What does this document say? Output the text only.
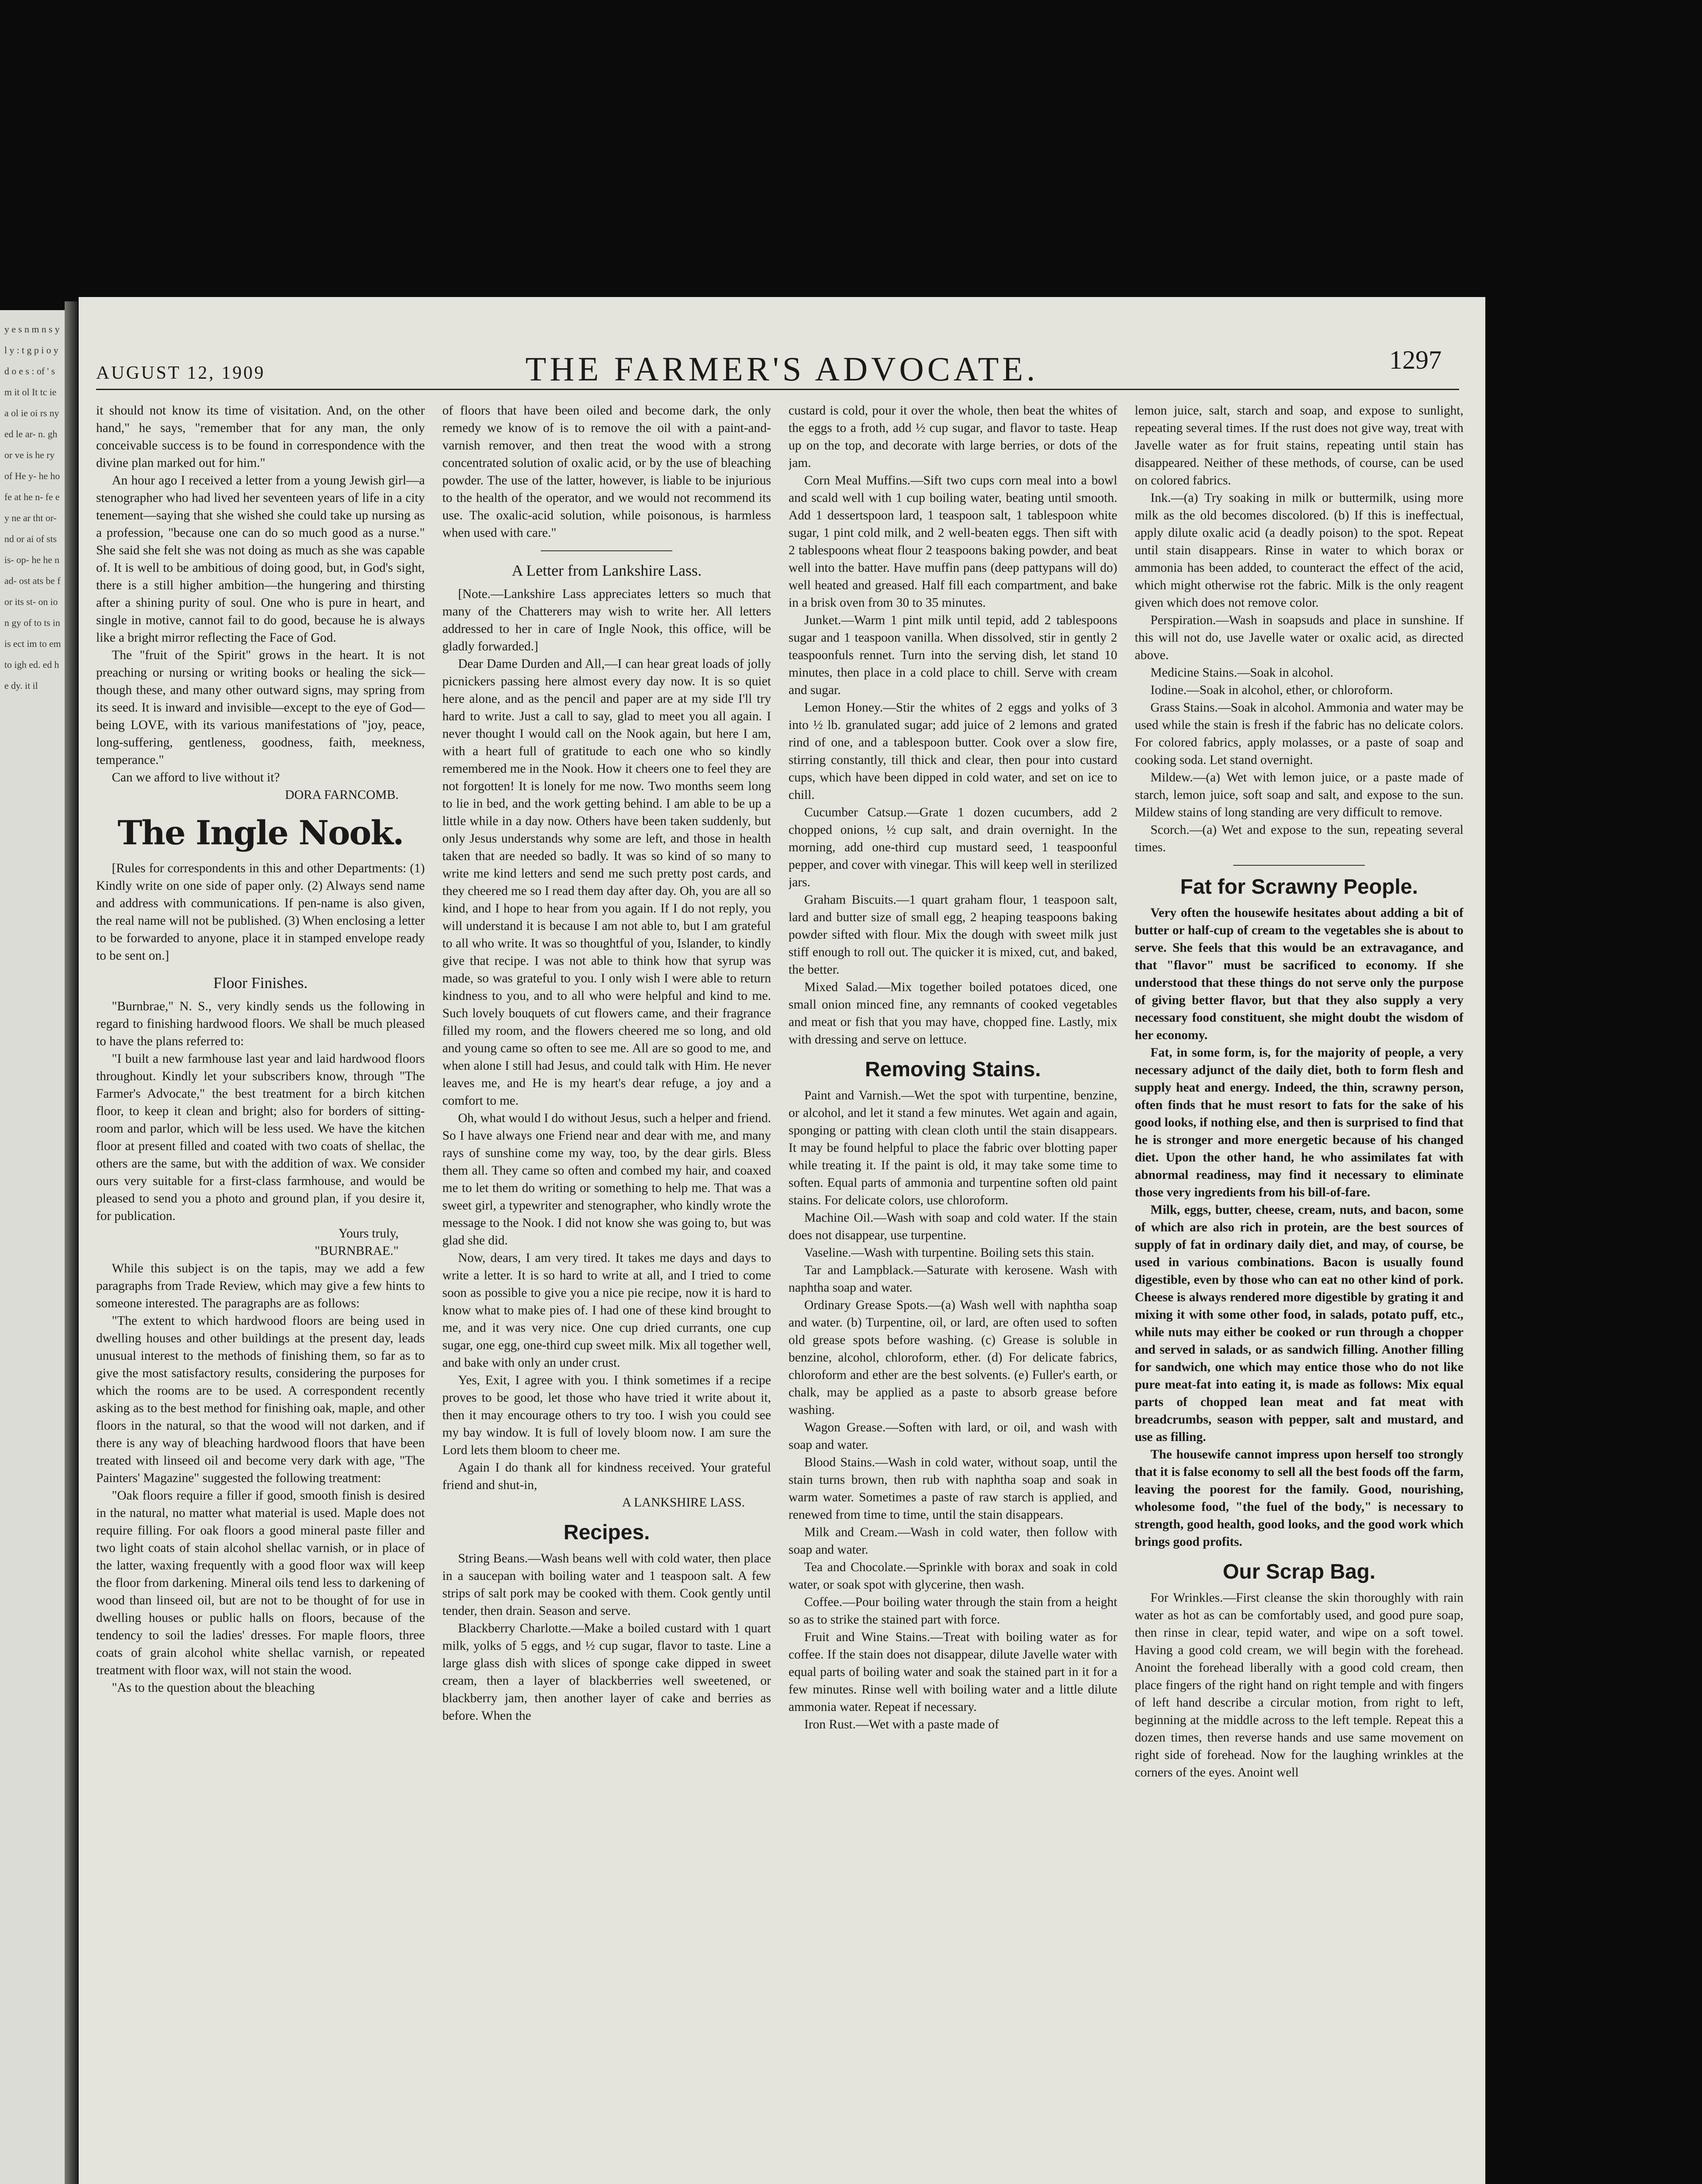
y e s n m n s y l y : t g p i o y d o e s : of ' s m it ol It tc ie a ol ie oi rs ny ed le ar- n. gh or ve is he ry of He y- he ho fe at he n- fe ey ne ar tht or- nd or ai of sts is- op- he he n ad- ost ats be for its st- on ion gy of to ts in is ect im to em to igh ed. ed he dy. it il
AUGUST 12, 1909	THE FARMER'S ADVOCATE.	1297

it should not know its time of visitation. And, on the other hand," he says, "remember that for any man, the only conceivable success is to be found in correspondence with the divine plan marked out for him."

An hour ago I received a letter from a young Jewish girl—a stenographer who had lived her seventeen years of life in a city tenement—saying that she wished she could take up nursing as a profession, "because one can do so much good as a nurse." She said she felt she was not doing as much as she was capable of. It is well to be ambitious of doing good, but, in God's sight, there is a still higher ambition—the hungering and thirsting after a shining purity of soul. One who is pure in heart, and single in motive, cannot fail to do good, because he is always like a bright mirror reflecting the Face of God.

The "fruit of the Spirit" grows in the heart. It is not preaching or nursing or writing books or healing the sick—though these, and many other outward signs, may spring from its seed. It is inward and invisible—except to the eye of God—being LOVE, with its various manifestations of "joy, peace, long-suffering, gentleness, goodness, faith, meekness, temperance."

Can we afford to live without it?

DORA FARNCOMB.

The Ingle Nook.

[Rules for correspondents in this and other Departments: (1) Kindly write on one side of paper only. (2) Always send name and address with communications. If pen-name is also given, the real name will not be published. (3) When enclosing a letter to be forwarded to anyone, place it in stamped envelope ready to be sent on.]

Floor Finishes.

"Burnbrae," N. S., very kindly sends us the following in regard to finishing hardwood floors. We shall be much pleased to have the plans referred to:

"I built a new farmhouse last year and laid hardwood floors throughout. Kindly let your subscribers know, through "The Farmer's Advocate," the best treatment for a birch kitchen floor, to keep it clean and bright; also for borders of sitting-room and parlor, which will be less used. We have the kitchen floor at present filled and coated with two coats of shellac, the others are the same, but with the addition of wax. We consider ours very suitable for a first-class farmhouse, and would be pleased to send you a photo and ground plan, if you desire it, for publication.

Yours truly,

"BURNBRAE."

While this subject is on the tapis, may we add a few paragraphs from Trade Review, which may give a few hints to someone interested. The paragraphs are as follows:

"The extent to which hardwood floors are being used in dwelling houses and other buildings at the present day, leads unusual interest to the methods of finishing them, so far as to give the most satisfactory results, considering the purposes for which the rooms are to be used. A correspondent recently asking as to the best method for finishing oak, maple, and other floors in the natural, so that the wood will not darken, and if there is any way of bleaching hardwood floors that have been treated with linseed oil and become very dark with age, "The Painters' Magazine" suggested the following treatment:

"Oak floors require a filler if good, smooth finish is desired in the natural, no matter what material is used. Maple does not require filling. For oak floors a good mineral paste filler and two light coats of stain alcohol shellac varnish, or in place of the latter, waxing frequently with a good floor wax will keep the floor from darkening. Mineral oils tend less to darkening of wood than linseed oil, but are not to be thought of for use in dwelling houses or public halls on floors, because of the tendency to soil the ladies' dresses. For maple floors, three coats of grain alcohol white shellac varnish, or repeated treatment with floor wax, will not stain the wood.

"As to the question about the bleaching

of floors that have been oiled and become dark, the only remedy we know of is to remove the oil with a paint-and-varnish remover, and then treat the wood with a strong concentrated solution of oxalic acid, or by the use of bleaching powder. The use of the latter, however, is liable to be injurious to the health of the operator, and we would not recommend its use. The oxalic-acid solution, while poisonous, is harmless when used with care."

A Letter from Lankshire Lass.

[Note.—Lankshire Lass appreciates letters so much that many of the Chatterers may wish to write her. All letters addressed to her in care of Ingle Nook, this office, will be gladly forwarded.]

Dear Dame Durden and All,—I can hear great loads of jolly picnickers passing here almost every day now. It is so quiet here alone, and as the pencil and paper are at my side I'll try hard to write. Just a call to say, glad to meet you all again. I never thought I would call on the Nook again, but here I am, with a heart full of gratitude to each one who so kindly remembered me in the Nook. How it cheers one to feel they are not forgotten! It is lonely for me now. Two months seem long to lie in bed, and the work getting behind. I am able to be up a little while in a day now. Others have been taken suddenly, but only Jesus understands why some are left, and those in health taken that are needed so badly. It was so kind of so many to write me kind letters and send me such pretty post cards, and they cheered me so I read them day after day. Oh, you are all so kind, and I hope to hear from you again. If I do not reply, you will understand it is because I am not able to, but I am grateful to all who write. It was so thoughtful of you, Islander, to kindly give that recipe. I was not able to think how that syrup was made, so was grateful to you. I only wish I were able to return kindness to you, and to all who were helpful and kind to me. Such lovely bouquets of cut flowers came, and their fragrance filled my room, and the flowers cheered me so long, and old and young came so often to see me. All are so good to me, and when alone I still had Jesus, and could talk with Him. He never leaves me, and He is my heart's dear refuge, a joy and a comfort to me.

Oh, what would I do without Jesus, such a helper and friend. So I have always one Friend near and dear with me, and many rays of sunshine come my way, too, by the dear girls. Bless them all. They came so often and combed my hair, and coaxed me to let them do writing or something to help me. That was a sweet girl, a typewriter and stenographer, who kindly wrote the message to the Nook. I did not know she was going to, but was glad she did.

Now, dears, I am very tired. It takes me days and days to write a letter. It is so hard to write at all, and I tried to come soon as possible to give you a nice pie recipe, now it is hard to know what to make pies of. I had one of these kind brought to me, and it was very nice. One cup dried currants, one cup sugar, one egg, one-third cup sweet milk. Mix all together well, and bake with only an under crust.

Yes, Exit, I agree with you. I think sometimes if a recipe proves to be good, let those who have tried it write about it, then it may encourage others to try too. I wish you could see my bay window. It is full of lovely bloom now. I am sure the Lord lets them bloom to cheer me.

Again I do thank all for kindness received. Your grateful friend and shut-in,

A LANKSHIRE LASS.

Recipes.

String Beans.—Wash beans well with cold water, then place in a saucepan with boiling water and 1 teaspoon salt. A few strips of salt pork may be cooked with them. Cook gently until tender, then drain. Season and serve.

Blackberry Charlotte.—Make a boiled custard with 1 quart milk, yolks of 5 eggs, and ½ cup sugar, flavor to taste. Line a large glass dish with slices of sponge cake dipped in sweet cream, then a layer of blackberries well sweetened, or blackberry jam, then another layer of cake and berries as before. When the

custard is cold, pour it over the whole, then beat the whites of the eggs to a froth, add ½ cup sugar, and flavor to taste. Heap up on the top, and decorate with large berries, or dots of the jam.

Corn Meal Muffins.—Sift two cups corn meal into a bowl and scald well with 1 cup boiling water, beating until smooth. Add 1 dessertspoon lard, 1 teaspoon salt, 1 tablespoon white sugar, 1 pint cold milk, and 2 well-beaten eggs. Then sift with 2 tablespoons wheat flour 2 teaspoons baking powder, and beat well into the batter. Have muffin pans (deep pattypans will do) well heated and greased. Half fill each compartment, and bake in a brisk oven from 30 to 35 minutes.

Junket.—Warm 1 pint milk until tepid, add 2 tablespoons sugar and 1 teaspoon vanilla. When dissolved, stir in gently 2 teaspoonfuls rennet. Turn into the serving dish, let stand 10 minutes, then place in a cold place to chill. Serve with cream and sugar.

Lemon Honey.—Stir the whites of 2 eggs and yolks of 3 into ½ lb. granulated sugar; add juice of 2 lemons and grated rind of one, and a tablespoon butter. Cook over a slow fire, stirring constantly, till thick and clear, then pour into custard cups, which have been dipped in cold water, and set on ice to chill.

Cucumber Catsup.—Grate 1 dozen cucumbers, add 2 chopped onions, ½ cup salt, and drain overnight. In the morning, add one-third cup mustard seed, 1 teaspoonful pepper, and cover with vinegar. This will keep well in sterilized jars.

Graham Biscuits.—1 quart graham flour, 1 teaspoon salt, lard and butter size of small egg, 2 heaping teaspoons baking powder sifted with flour. Mix the dough with sweet milk just stiff enough to roll out. The quicker it is mixed, cut, and baked, the better.

Mixed Salad.—Mix together boiled potatoes diced, one small onion minced fine, any remnants of cooked vegetables and meat or fish that you may have, chopped fine. Lastly, mix with dressing and serve on lettuce.

Removing Stains.

Paint and Varnish.—Wet the spot with turpentine, benzine, or alcohol, and let it stand a few minutes. Wet again and again, sponging or patting with clean cloth until the stain disappears. It may be found helpful to place the fabric over blotting paper while treating it. If the paint is old, it may take some time to soften. Equal parts of ammonia and turpentine soften old paint stains. For delicate colors, use chloroform.

Machine Oil.—Wash with soap and cold water. If the stain does not disappear, use turpentine.

Vaseline.—Wash with turpentine. Boiling sets this stain.

Tar and Lampblack.—Saturate with kerosene. Wash with naphtha soap and water.

Ordinary Grease Spots.—(a) Wash well with naphtha soap and water. (b) Turpentine, oil, or lard, are often used to soften old grease spots before washing. (c) Grease is soluble in benzine, alcohol, chloroform, ether. (d) For delicate fabrics, chloroform and ether are the best solvents. (e) Fuller's earth, or chalk, may be applied as a paste to absorb grease before washing.

Wagon Grease.—Soften with lard, or oil, and wash with soap and water.

Blood Stains.—Wash in cold water, without soap, until the stain turns brown, then rub with naphtha soap and soak in warm water. Sometimes a paste of raw starch is applied, and renewed from time to time, until the stain disappears.

Milk and Cream.—Wash in cold water, then follow with soap and water.

Tea and Chocolate.—Sprinkle with borax and soak in cold water, or soak spot with glycerine, then wash.

Coffee.—Pour boiling water through the stain from a height so as to strike the stained part with force.

Fruit and Wine Stains.—Treat with boiling water as for coffee. If the stain does not disappear, dilute Javelle water with equal parts of boiling water and soak the stained part in it for a few minutes. Rinse well with boiling water and a little dilute ammonia water. Repeat if necessary.

Iron Rust.—Wet with a paste made of

lemon juice, salt, starch and soap, and expose to sunlight, repeating several times. If the rust does not give way, treat with Javelle water as for fruit stains, repeating until stain has disappeared. Neither of these methods, of course, can be used on colored fabrics.

Ink.—(a) Try soaking in milk or buttermilk, using more milk as the old becomes discolored. (b) If this is ineffectual, apply dilute oxalic acid (a deadly poison) to the spot. Repeat until stain disappears. Rinse in water to which borax or ammonia has been added, to counteract the effect of the acid, which might otherwise rot the fabric. Milk is the only reagent given which does not remove color.

Perspiration.—Wash in soapsuds and place in sunshine. If this will not do, use Javelle water or oxalic acid, as directed above.

Medicine Stains.—Soak in alcohol.

Iodine.—Soak in alcohol, ether, or chloroform.

Grass Stains.—Soak in alcohol. Ammonia and water may be used while the stain is fresh if the fabric has no delicate colors. For colored fabrics, apply molasses, or a paste of soap and cooking soda. Let stand overnight.

Mildew.—(a) Wet with lemon juice, or a paste made of starch, lemon juice, soft soap and salt, and expose to the sun. Mildew stains of long standing are very difficult to remove.

Scorch.—(a) Wet and expose to the sun, repeating several times.

Fat for Scrawny People.

Very often the housewife hesitates about adding a bit of butter or half-cup of cream to the vegetables she is about to serve. She feels that this would be an extravagance, and that "flavor" must be sacrificed to economy. If she understood that these things do not serve only the purpose of giving better flavor, but that they also supply a very necessary food constituent, she might doubt the wisdom of her economy.

Fat, in some form, is, for the majority of people, a very necessary adjunct of the daily diet, both to form flesh and supply heat and energy. Indeed, the thin, scrawny person, often finds that he must resort to fats for the sake of his good looks, if nothing else, and then is surprised to find that he is stronger and more energetic because of his changed diet. Upon the other hand, he who assimilates fat with abnormal readiness, may find it necessary to eliminate those very ingredients from his bill-of-fare.

Milk, eggs, butter, cheese, cream, nuts, and bacon, some of which are also rich in protein, are the best sources of supply of fat in ordinary daily diet, and may, of course, be used in various combinations. Bacon is usually found digestible, even by those who can eat no other kind of pork. Cheese is always rendered more digestible by grating it and mixing it with some other food, in salads, potato puff, etc., while nuts may either be cooked or run through a chopper and served in salads, or as sandwich filling. Another filling for sandwich, one which may entice those who do not like pure meat-fat into eating it, is made as follows: Mix equal parts of chopped lean meat and fat meat with breadcrumbs, season with pepper, salt and mustard, and use as filling.

The housewife cannot impress upon herself too strongly that it is false economy to sell all the best foods off the farm, leaving the poorest for the family. Good, nourishing, wholesome food, "the fuel of the body," is necessary to strength, good health, good looks, and the good work which brings good profits.

Our Scrap Bag.

For Wrinkles.—First cleanse the skin thoroughly with rain water as hot as can be comfortably used, and good pure soap, then rinse in clear, tepid water, and wipe on a soft towel. Having a good cold cream, we will begin with the forehead. Anoint the forehead liberally with a good cold cream, then place fingers of the right hand on right temple and with fingers of left hand describe a circular motion, from right to left, beginning at the middle across to the left temple. Repeat this a dozen times, then reverse hands and use same movement on right side of forehead. Now for the laughing wrinkles at the corners of the eyes. Anoint well
